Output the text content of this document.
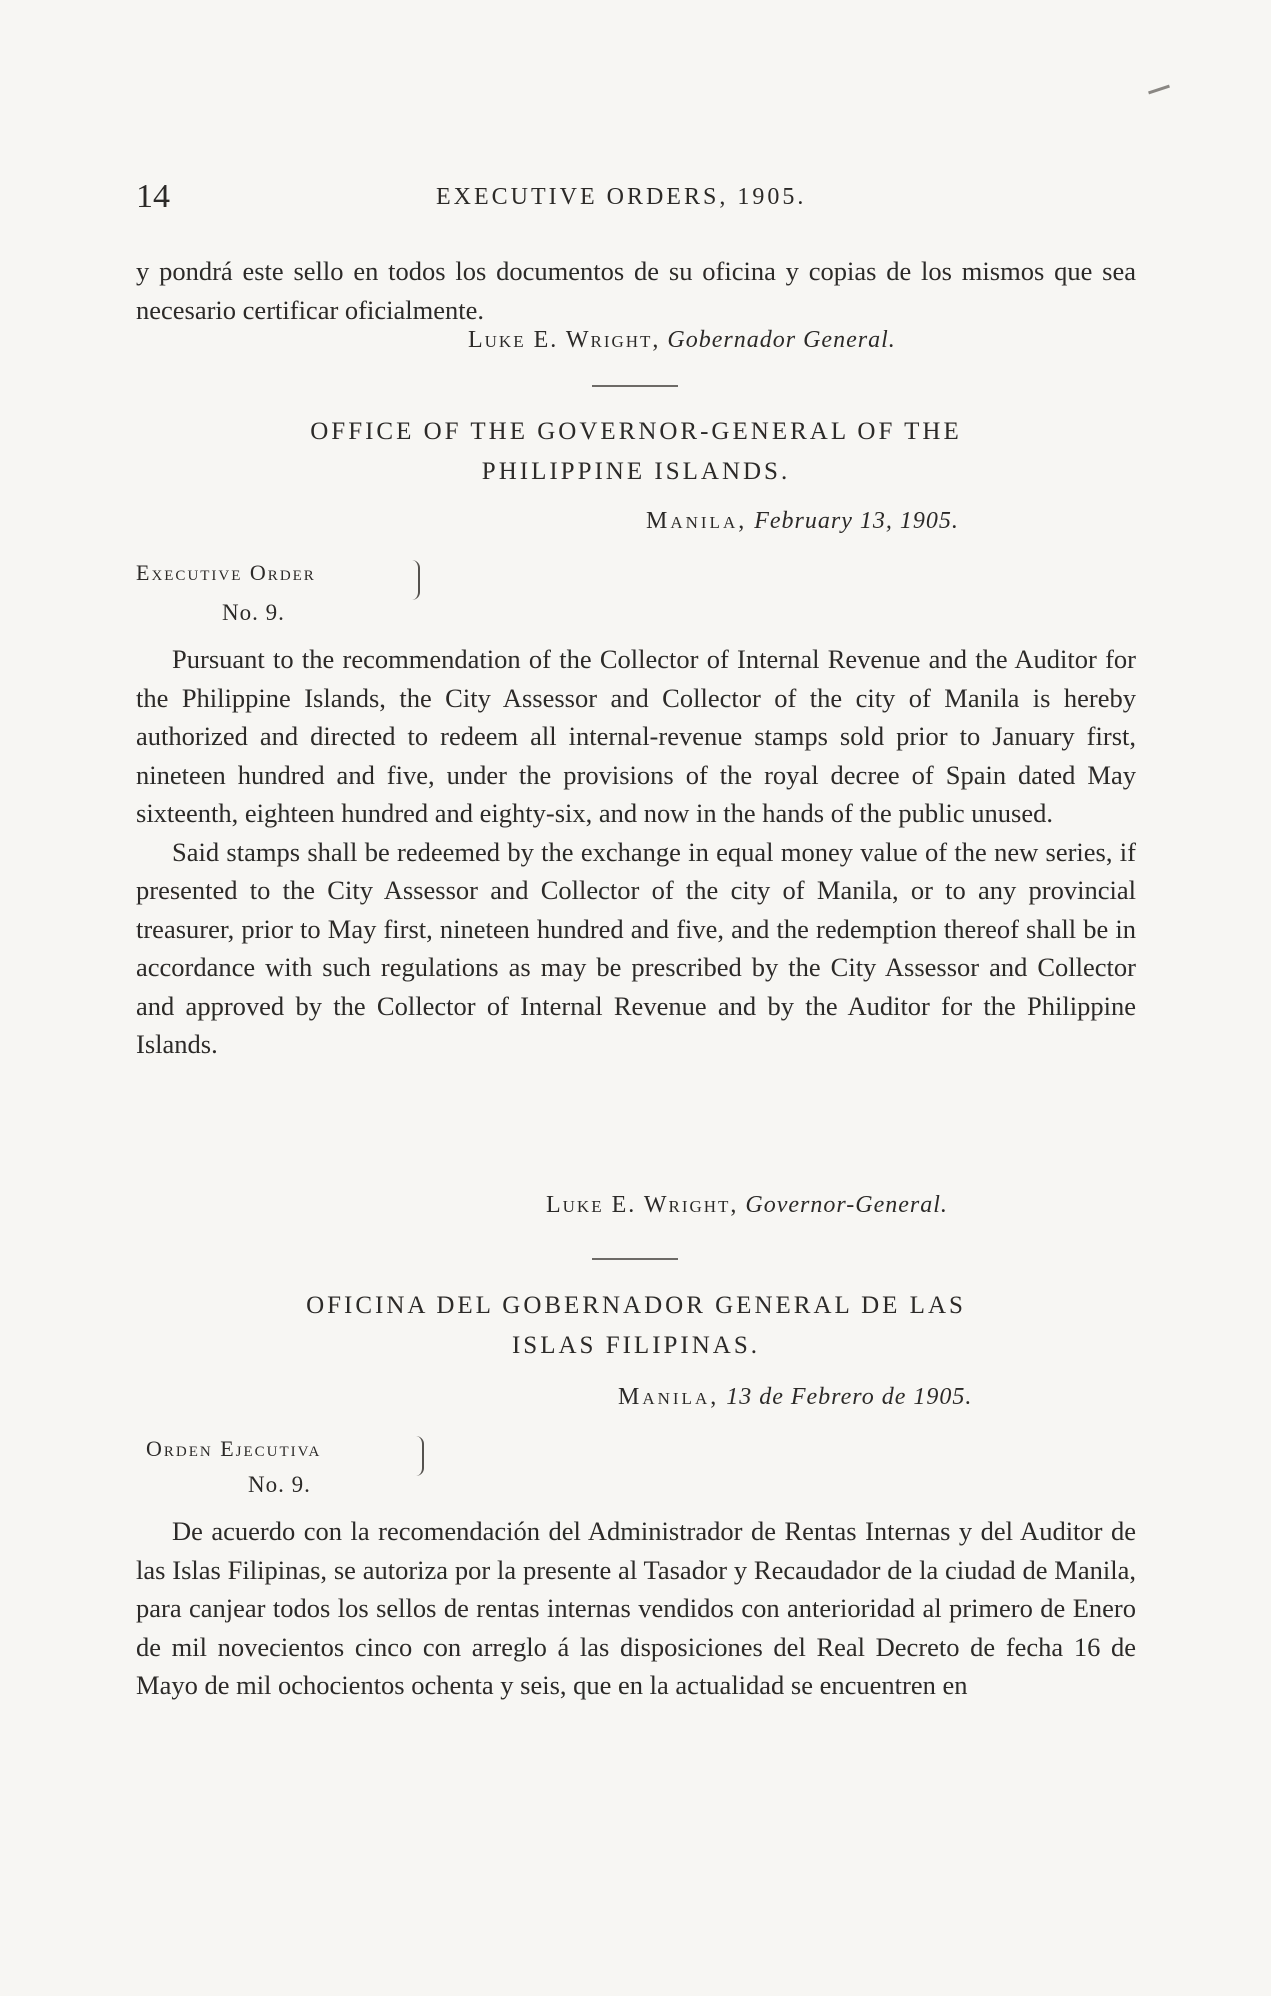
14	EXECUTIVE ORDERS, 1905.

y pondrá este sello en todos los documentos de su oficina y copias de los mismos que sea necesario certificar oficialmente.

Luke E. Wright, Gobernador General.
OFFICE OF THE GOVERNOR-GENERAL OF THE
PHILIPPINE ISLANDS.
Manila, February 13, 1905.
Executive Order
No. 9.

Pursuant to the recommendation of the Collector of Internal Revenue and the Auditor for the Philippine Islands, the City Assessor and Collector of the city of Manila is hereby authorized and directed to redeem all internal-revenue stamps sold prior to January first, nineteen hundred and five, under the provisions of the royal decree of Spain dated May sixteenth, eighteen hundred and eighty-six, and now in the hands of the public unused.

Said stamps shall be redeemed by the exchange in equal money value of the new series, if presented to the City Assessor and Collector of the city of Manila, or to any provincial treasurer, prior to May first, nineteen hundred and five, and the redemption thereof shall be in accordance with such regulations as may be prescribed by the City Assessor and Collector and approved by the Collector of Internal Revenue and by the Auditor for the Philippine Islands.

Luke E. Wright, Governor-General.
OFICINA DEL GOBERNADOR GENERAL DE LAS
ISLAS FILIPINAS.
Manila, 13 de Febrero de 1905.
Orden Ejecutiva
No. 9.

De acuerdo con la recomendación del Administrador de Rentas Internas y del Auditor de las Islas Filipinas, se autoriza por la presente al Tasador y Recaudador de la ciudad de Manila, para canjear todos los sellos de rentas internas vendidos con anterioridad al primero de Enero de mil novecientos cinco con arreglo á las disposiciones del Real Decreto de fecha 16 de Mayo de mil ochocientos ochenta y seis, que en la actualidad se encuentren en
